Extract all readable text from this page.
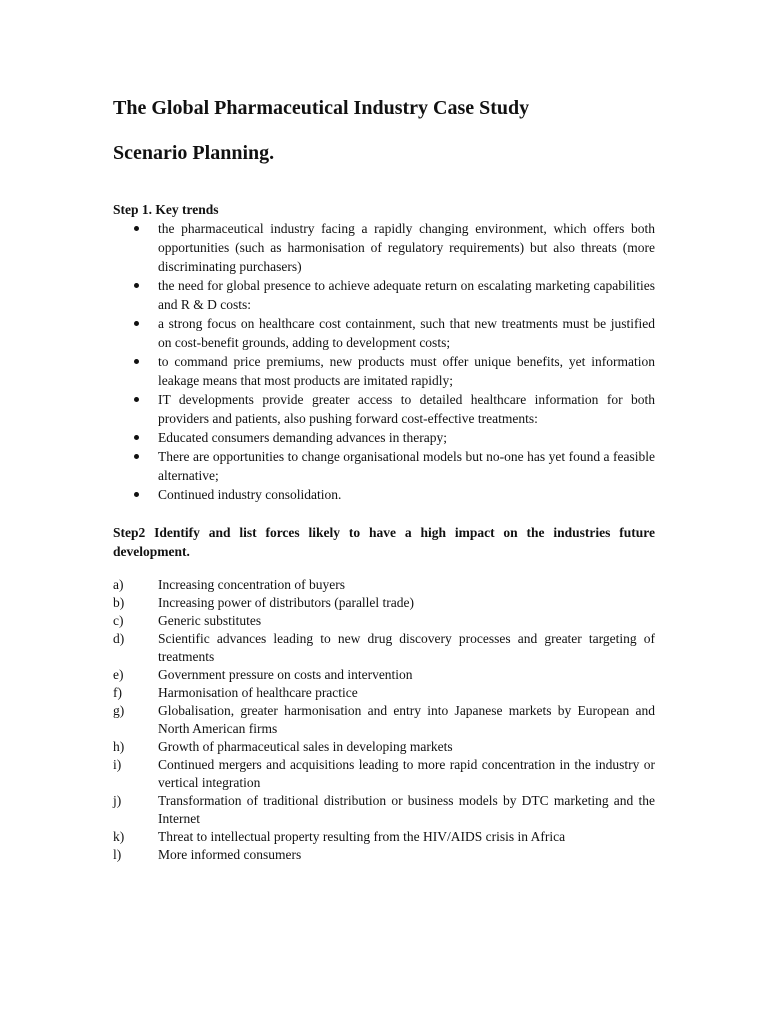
The Global Pharmaceutical Industry Case Study
Scenario Planning.

Step 1. Key trends

the pharmaceutical industry facing a rapidly changing environment, which offers both opportunities (such as harmonisation of regulatory requirements) but also threats (more discriminating purchasers)
the need for global presence to achieve adequate return on escalating marketing capabilities and R & D costs:
a strong focus on healthcare cost containment, such that new treatments must be justified on cost-benefit grounds, adding to development costs;
to command price premiums, new products must offer unique benefits, yet information leakage means that most products are imitated rapidly;
IT developments provide greater access to detailed healthcare information for both providers and patients, also pushing forward cost-effective treatments:
Educated consumers demanding advances in therapy;
There are opportunities to change organisational models but no-one has yet found a feasible alternative;
Continued industry consolidation.

Step2 Identify and list forces likely to have a high impact on the industries future development.

a)	Increasing concentration of buyers
b)	Increasing power of distributors (parallel trade)
c)	Generic substitutes
d)	Scientific advances leading to new drug discovery processes and greater targeting of treatments
e)	Government pressure on costs and intervention
f)	Harmonisation of healthcare practice
g)	Globalisation, greater harmonisation and entry into Japanese markets by European and North American firms
h)	Growth of pharmaceutical sales in developing markets
i)	Continued mergers and acquisitions leading to more rapid concentration in the industry or vertical integration
j)	Transformation of traditional distribution or business models by DTC marketing and the Internet
k)	Threat to intellectual property resulting from the HIV/AIDS crisis in Africa
l)	More informed consumers
